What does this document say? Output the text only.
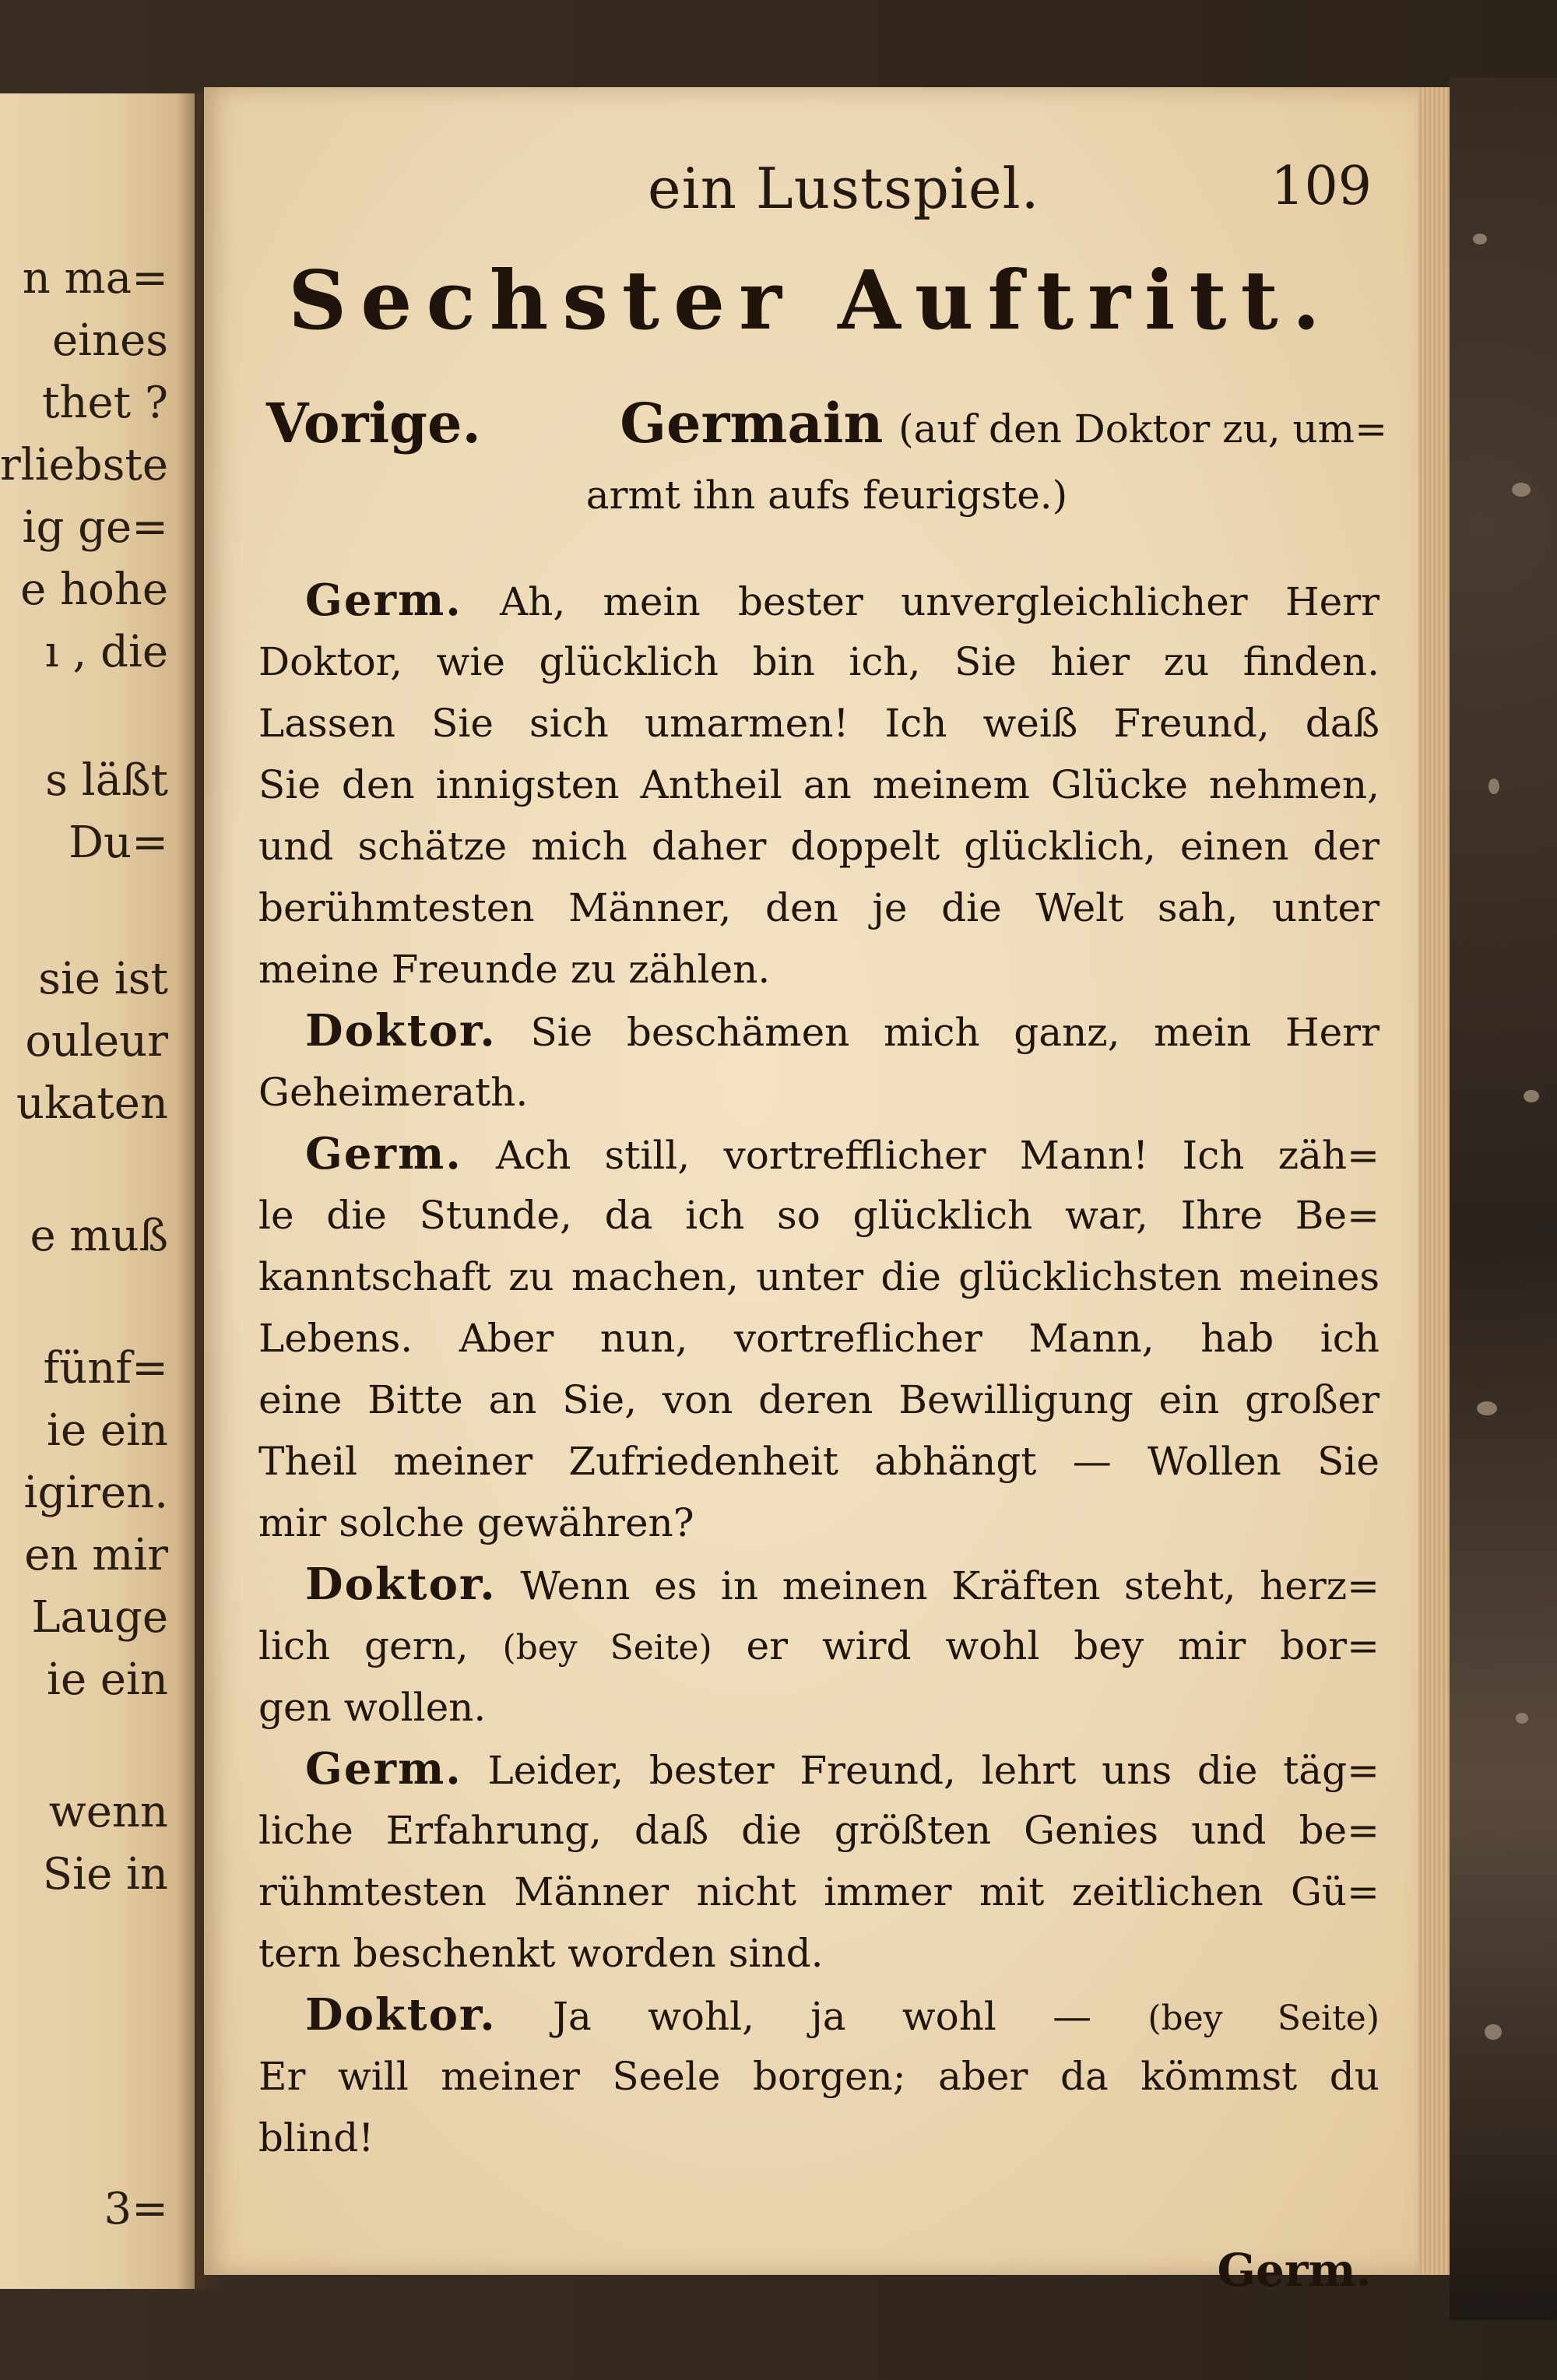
n ma=
eines
thet ?
rliebste
ig ge=
e hohe
ı , die
s läßt
Du=
sie ist
ouleur
ukaten
e muß
fünf=
ie ein
igiren.
en mir
Lauge
ie ein
wenn
Sie in
3=
ein Lustspiel.	109
Sechster Auftritt.
Vorige.	Germain (auf den Doktor zu, um=
armt ihn aufs feurigste.)
Germ. Ah, mein bester unvergleichlicher Herr
Doktor, wie glücklich bin ich, Sie hier zu finden.
Lassen Sie sich umarmen! Ich weiß Freund, daß
Sie den innigsten Antheil an meinem Glücke nehmen,
und schätze mich daher doppelt glücklich, einen der
berühmtesten Männer, den je die Welt sah, unter
meine Freunde zu zählen.
Doktor. Sie beschämen mich ganz, mein Herr
Geheimerath.
Germ. Ach still, vortrefflicher Mann! Ich zäh=
le die Stunde, da ich so glücklich war, Ihre Be=
kanntschaft zu machen, unter die glücklichsten meines
Lebens. Aber nun, vortreflicher Mann, hab ich
eine Bitte an Sie, von deren Bewilligung ein großer
Theil meiner Zufriedenheit abhängt — Wollen Sie
mir solche gewähren?
Doktor. Wenn es in meinen Kräften steht, herz=
lich gern, (bey Seite) er wird wohl bey mir bor=
gen wollen.
Germ. Leider, bester Freund, lehrt uns die täg=
liche Erfahrung, daß die größten Genies und be=
rühmtesten Männer nicht immer mit zeitlichen Gü=
tern beschenkt worden sind.
Doktor. Ja wohl, ja wohl — (bey Seite)
Er will meiner Seele borgen; aber da kömmst du
blind!
Germ.
